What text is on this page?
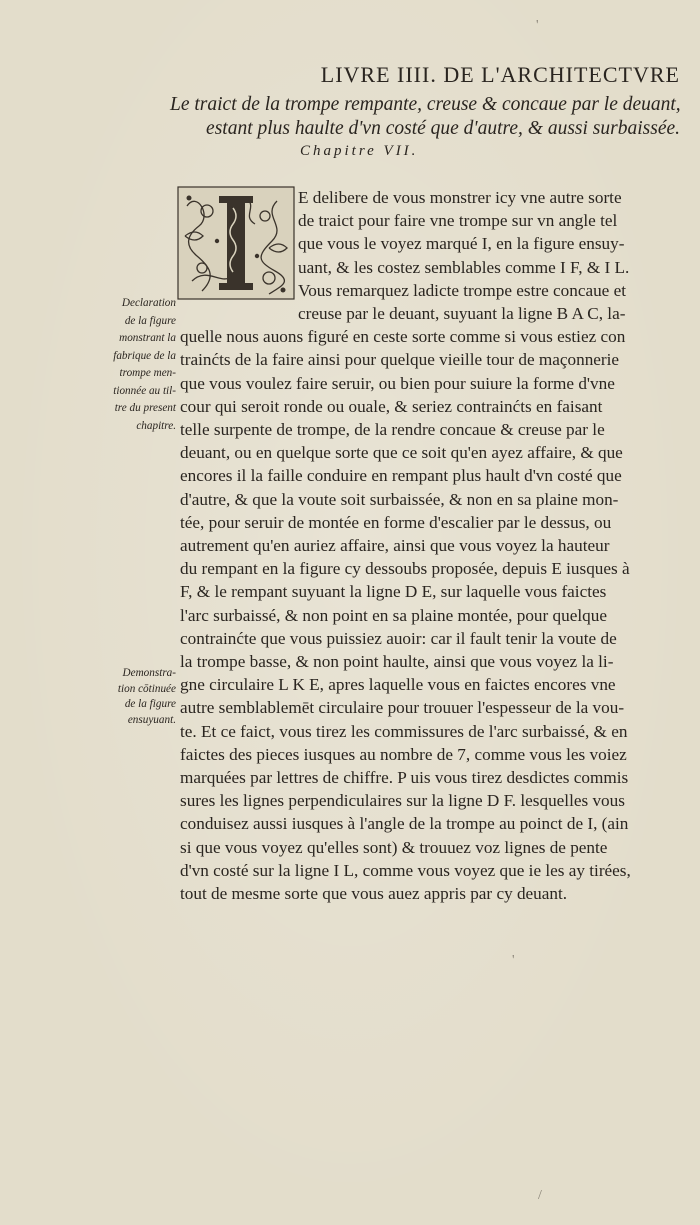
LIVRE IIII. DE L'ARCHITECTVRE
Le traict de la trompe rempante, creuse & concaue par le deuant,
estant plus haulte d'vn costé que d'autre, & aussi surbaissée.
Chapitre VII.
E delibere de vous monstrer icy vne autre sorte
de traict pour faire vne trompe sur vn angle tel
que vous le voyez marqué I, en la figure ensuy-
uant, & les costez semblables comme I F, & I L.
Vous remarquez ladicte trompe estre concaue et
creuse par le deuant, suyuant la ligne B A C, la-
quelle nous auons figuré en ceste sorte comme si vous estiez con
trainćts de la faire ainsi pour quelque vieille tour de maçonnerie
que vous voulez faire seruir, ou bien pour suiure la forme d'vne
cour qui seroit ronde ou ouale, & seriez contrainćts en faisant
telle surpente de trompe, de la rendre concaue & creuse par le
deuant, ou en quelque sorte que ce soit qu'en ayez affaire, & que
encores il la faille conduire en rempant plus hault d'vn costé que
d'autre, & que la voute soit surbaissée, & non en sa plaine mon-
tée, pour seruir de montée en forme d'escalier par le dessus, ou
autrement qu'en auriez affaire, ainsi que vous voyez la hauteur
du rempant en la figure cy dessoubs proposée, depuis E iusques à
F, & le rempant suyuant la ligne D E, sur laquelle vous faictes
l'arc surbaissé, & non point en sa plaine montée, pour quelque
contrainćte que vous puissiez auoir: car il fault tenir la voute de
la trompe basse, & non point haulte, ainsi que vous voyez la li-
gne circulaire L K E, apres laquelle vous en faictes encores vne
autre semblablemēt circulaire pour trouuer l'espesseur de la vou-
te. Et ce faict, vous tirez les commissures de l'arc surbaissé, & en
faictes des pieces iusques au nombre de 7, comme vous les voiez
marquées par lettres de chiffre. P uis vous tirez desdictes commis
sures les lignes perpendiculaires sur la ligne D F. lesquelles vous
conduisez aussi iusques à l'angle de la trompe au poinct de I, (ain
si que vous voyez qu'elles sont) & trouuez voz lignes de pente
d'vn costé sur la ligne I L, comme vous voyez que ie les ay tirées,
tout de mesme sorte que vous auez appris par cy deuant.
Declaration
de la figure
monstrant la
fabrique de la
trompe men-
tionnée au til-
tre du present
chapitre.
Demonstra-
tion cōtinuée
de la figure
ensuyuant.
'
'
/
